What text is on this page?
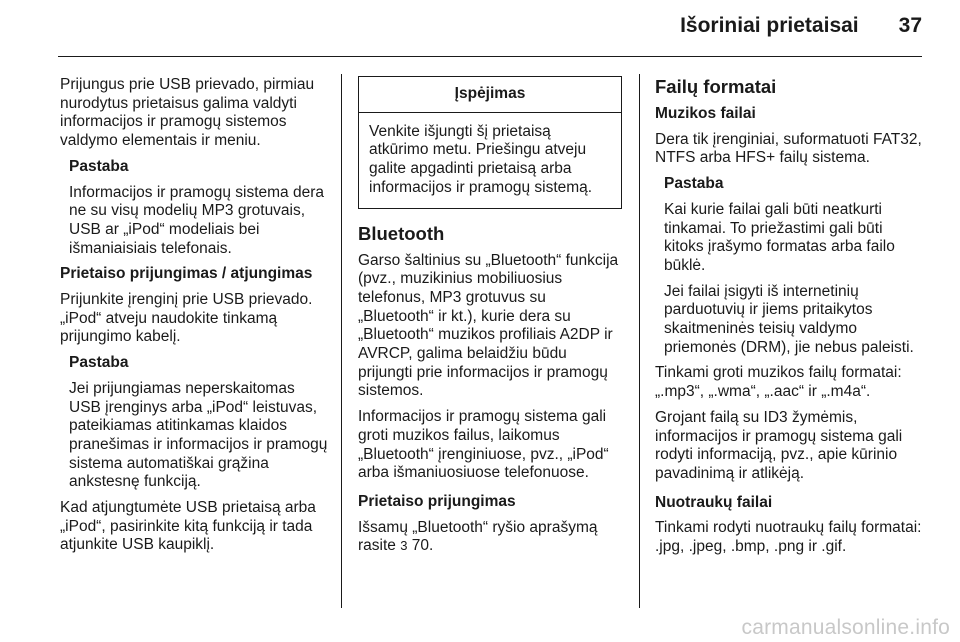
Išoriniai prietaisai 37

Prijungus prie USB prievado, pirmiau nurodytus prietaisus galima valdyti informacijos ir pramogų sistemos valdymo elementais ir meniu.

Pastaba

Informacijos ir pramogų sistema dera ne su visų modelių MP3 grotuvais, USB ar „iPod“ modeliais bei išmaniaisiais telefonais.

Prietaiso prijungimas / atjungimas

Prijunkite įrenginį prie USB prievado. „iPod“ atveju naudokite tinkamą prijungimo kabelį.

Pastaba

Jei prijungiamas neperskaitomas USB įrenginys arba „iPod“ leistuvas, pateikiamas atitinkamas klaidos pranešimas ir informacijos ir pramogų sistema automatiškai grąžina ankstesnę funkciją.

Kad atjungtumėte USB prietaisą arba „iPod“, pasirinkite kitą funkciją ir tada atjunkite USB kaupiklį.

Įspėjimas
Venkite išjungti šį prietaisą atkūrimo metu. Priešingu atveju galite apgadinti prietaisą arba informacijos ir pramogų sistemą.

Bluetooth

Garso šaltinius su „Bluetooth“ funkcija (pvz., muzikinius mobiliuosius telefonus, MP3 grotuvus su „Bluetooth“ ir kt.), kurie dera su „Bluetooth“ muzikos profiliais A2DP ir AVRCP, galima belaidžiu būdu prijungti prie informacijos ir pramogų sistemos.

Informacijos ir pramogų sistema gali groti muzikos failus, laikomus „Bluetooth“ įrenginiuose, pvz., „iPod“ arba išmaniuosiuose telefonuose.

Prietaiso prijungimas

Išsamų „Bluetooth“ ryšio aprašymą rasite 3 70.

Failų formatai

Muzikos failai

Dera tik įrenginiai, suformatuoti FAT32, NTFS arba HFS+ failų sistema.

Pastaba

Kai kurie failai gali būti neatkurti tinkamai. To priežastimi gali būti kitoks įrašymo formatas arba failo būklė.

Jei failai įsigyti iš internetinių parduotuvių ir jiems pritaikytos skaitmeninės teisių valdymo priemonės (DRM), jie nebus paleisti.

Tinkami groti muzikos failų formatai: „.mp3“, „.wma“, „.aac“ ir „.m4a“.

Grojant failą su ID3 žymėmis, informacijos ir pramogų sistema gali rodyti informaciją, pvz., apie kūrinio pavadinimą ir atlikėją.

Nuotraukų failai

Tinkami rodyti nuotraukų failų formatai: .jpg, .jpeg, .bmp, .png ir .gif.

carmanualsonline.info
